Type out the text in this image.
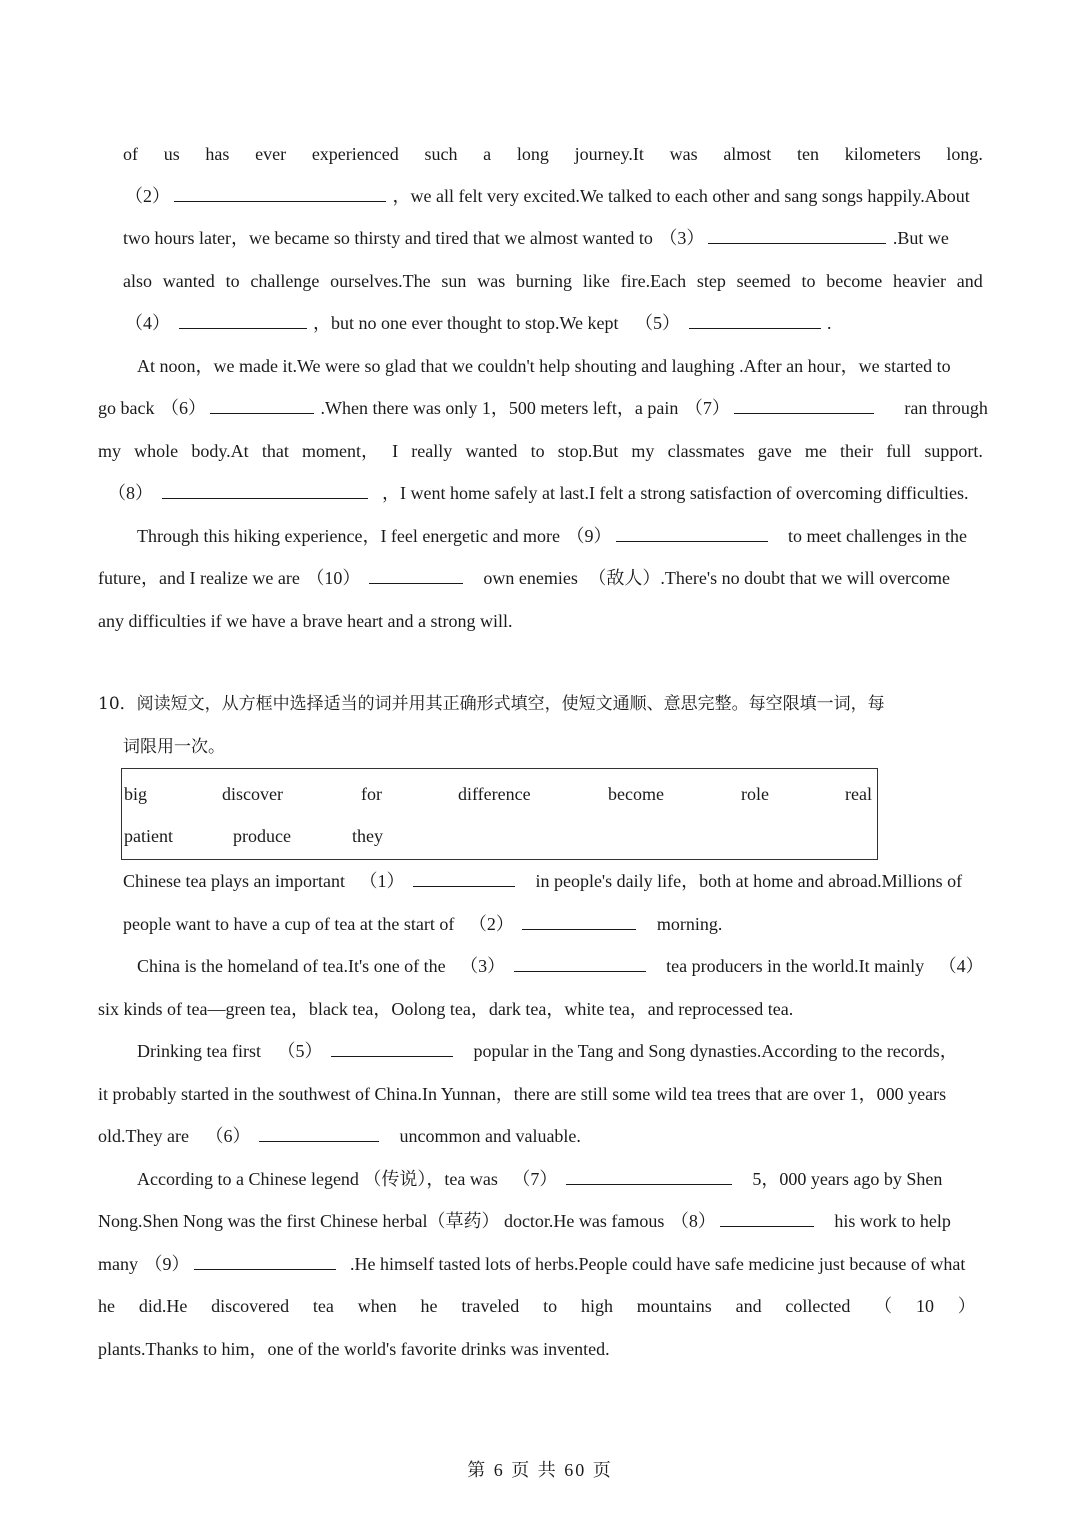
of us has ever experienced such a long journey.It was almost ten kilometers long.
（2）	，we all felt very excited.We talked to each other and sang songs happily.About
two hours later，we became so thirsty and tired that we almost wanted to （3）	.But we
also wanted to challenge ourselves.The sun was burning like fire.Each step seemed to become heavier and
（4）	，but no one ever thought to stop.We kept （5）	.
At noon，we made it.We were so glad that we couldn't help shouting and laughing .After an hour，we started to
go back （6）	.When there was only 1，500 meters left，a pain （7）	ran through
my whole body.At that moment， I really wanted to stop.But my classmates gave me their full support.
（8）	，I went home safely at last.I felt a strong satisfaction of overcoming difficulties.
Through this hiking experience，I feel energetic and more （9）	to meet challenges in the
future，and I realize we are （10）	own enemies （敌人）.There's no doubt that we will overcome
any difficulties if we have a brave heart and a strong will.
10．阅读短文，从方框中选择适当的词并用其正确形式填空，使短文通顺、意思完整。每空限填一词，每
词限用一次。
big	discover	for	difference	become	role	real
patient	produce	they
Chinese tea plays an important （1）	in people's daily life，both at home and abroad.Millions of
people want to have a cup of tea at the start of （2）	morning.
China is the homeland of tea.It's one of the （3）	tea producers in the world.It mainly （4）
six kinds of tea—green tea，black tea，Oolong tea，dark tea，white tea，and reprocessed tea.
Drinking tea first （5）	popular in the Tang and Song dynasties.According to the records，
it probably started in the southwest of China.In Yunnan，there are still some wild tea trees that are over 1，000 years
old.They are （6）	uncommon and valuable.
According to a Chinese legend （传说），tea was （7）	5，000 years ago by Shen
Nong.Shen Nong was the first Chinese herbal（草药） doctor.He was famous （8）	his work to help
many （9）	.He himself tasted lots of herbs.People could have safe medicine just because of what
he did.He discovered tea when he traveled to high mountains and collected （ 10 ）
plants.Thanks to him，one of the world's favorite drinks was invented.
第 6 页 共 60 页
